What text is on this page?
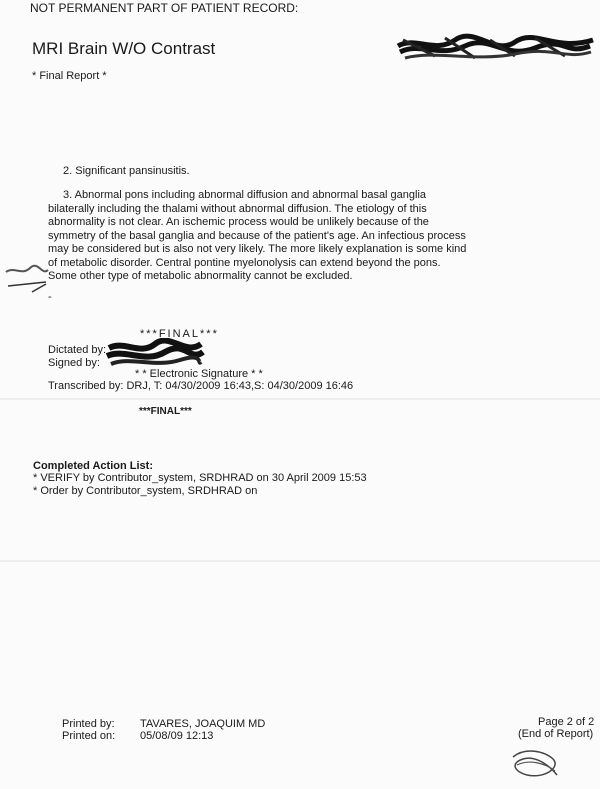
NOT PERMANENT PART OF PATIENT RECORD:
MRI Brain W/O Contrast
* Final Report *
2. Significant pansinusitis.
3. Abnormal pons including abnormal diffusion and abnormal basal ganglia bilaterally including the thalami without abnormal diffusion. The etiology of this abnormality is not clear. An ischemic process would be unlikely because of the symmetry of the basal ganglia and because of the patient's age. An infectious process may be considered but is also not very likely. The more likely explanation is some kind of metabolic disorder. Central pontine myelonolysis can extend beyond the pons. Some other type of metabolic abnormality cannot be excluded.
-
***FINAL***
Dictated by:
Signed by:
* * Electronic Signature * *
Transcribed by: DRJ, T: 04/30/2009 16:43,S: 04/30/2009 16:46
***FINAL***
Completed Action List:
* VERIFY by Contributor_system, SRDHRAD on 30 April 2009 15:53
* Order by Contributor_system, SRDHRAD on
Printed by: TAVARES, JOAQUIM MD
Printed on: 05/08/09 12:13
Page 2 of 2
(End of Report)
